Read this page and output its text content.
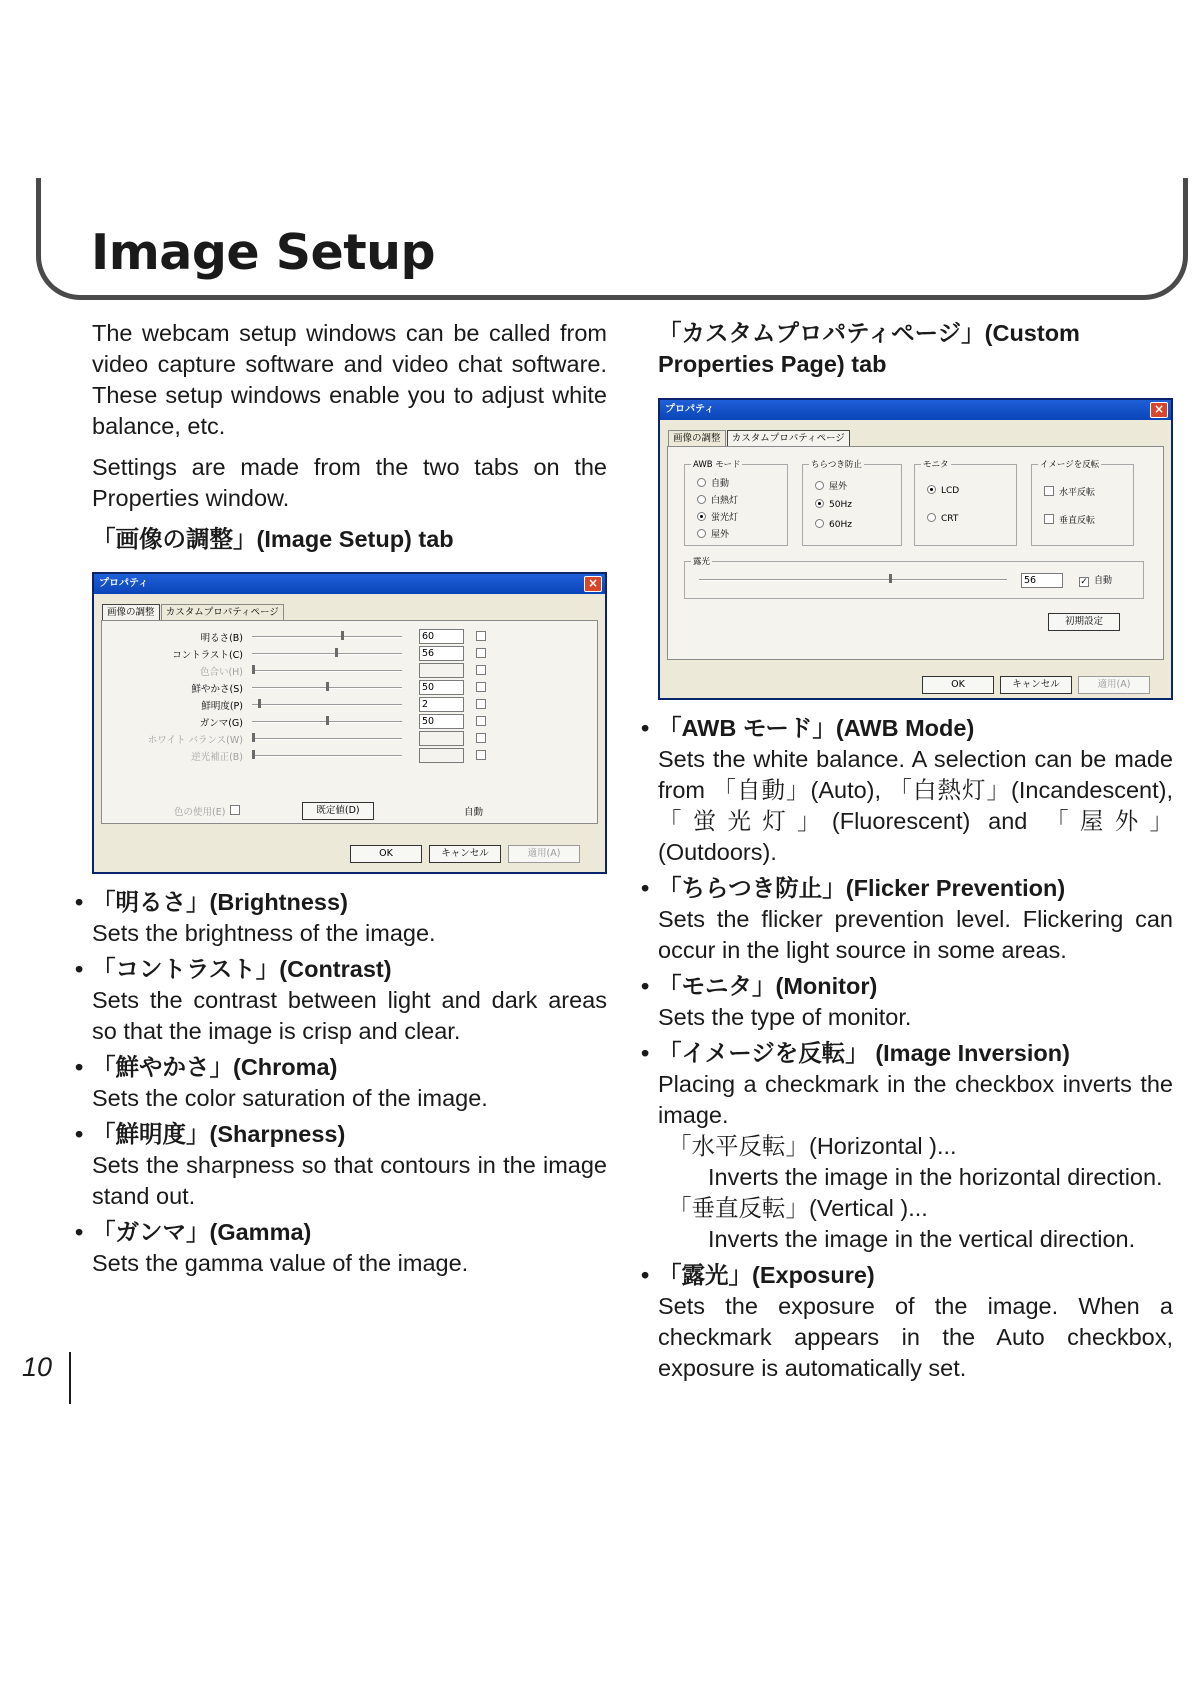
Image Setup

The webcam setup windows can be called from video capture software and video chat software. These setup windows enable you to adjust white balance, etc.

Settings are made from the two tabs on the Properties window.

「画像の調整」(Image Setup) tab

プロパティ	×
画像の調整 カスタムプロパティページ
明るさ(B)	60
コントラスト(C)	56
色合い(H)
鮮やかさ(S)	50
鮮明度(P)	2
ガンマ(G)	50
ホワイト バランス(W)
逆光補正(B)
色の使用(E)	既定値(D)	自動
OK	キャンセル	適用(A)
• 「明るさ」(Brightness)
Sets the brightness of the image.
• 「コントラスト」(Contrast)
Sets the contrast between light and dark areas so that the image is crisp and clear.
• 「鮮やかさ」(Chroma)
Sets the color saturation of the image.
• 「鮮明度」(Sharpness)
Sets the sharpness so that contours in the image stand out.
• 「ガンマ」(Gamma)
Sets the gamma value of the image.

「カスタムプロパティページ」(Custom Properties Page) tab

プロパティ	×
画像の調整 カスタムプロパティページ
AWB モード
自動
白熱灯
蛍光灯
屋外
ちらつき防止
屋外
50Hz
60Hz
モニタ
LCD
CRT
イメージを反転
水平反転
垂直反転
露光
56	✓ 自動
初期設定
OK	キャンセル	適用(A)
• 「AWB モード」(AWB Mode)
Sets the white balance. A selection can be made from 「自動」(Auto), 「白熱灯」(Incandescent), 「蛍光灯」(Fluorescent) and 「屋外」(Outdoors).
• 「ちらつき防止」(Flicker Prevention)
Sets the flicker prevention level. Flickering can occur in the light source in some areas.
• 「モニタ」(Monitor)
Sets the type of monitor.
• 「イメージを反転」 (Image Inversion)
Placing a checkmark in the checkbox inverts the image.
「水平反転」(Horizontal )...
Inverts the image in the horizontal direction.
「垂直反転」(Vertical )...
Inverts the image in the vertical direction.
• 「露光」(Exposure)
Sets the exposure of the image. When a checkmark appears in the Auto checkbox, exposure is automatically set.
10
